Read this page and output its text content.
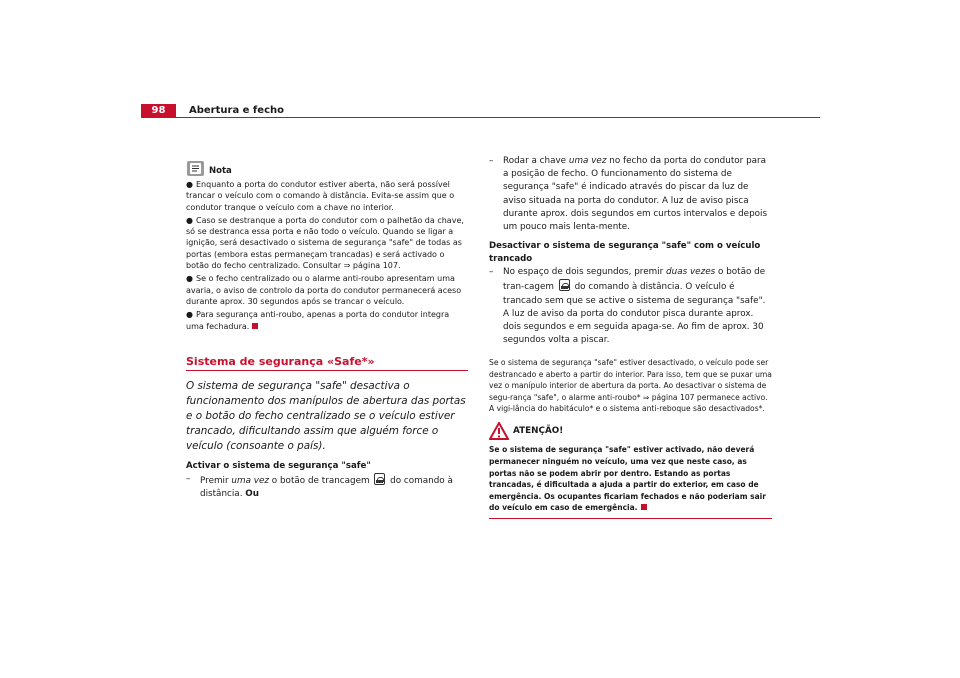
98	Abertura e fecho
Nota
● Enquanto a porta do condutor estiver aberta, não será possível trancar o veículo com o comando à distância. Evita-se assim que o condutor tranque o veículo com a chave no interior.
● Caso se destranque a porta do condutor com o palhetão da chave, só se destranca essa porta e não todo o veículo. Quando se ligar a ignição, será desactivado o sistema de segurança "safe" de todas as portas (embora estas permaneçam trancadas) e será activado o botão do fecho centralizado. Consultar ⇒ página 107.
● Se o fecho centralizado ou o alarme anti-roubo apresentam uma avaria, o aviso de controlo da porta do condutor permanecerá aceso durante aprox. 30 segundos após se trancar o veículo.
● Para segurança anti-roubo, apenas a porta do condutor integra uma fechadura.
Sistema de segurança «Safe*»
O sistema de segurança "safe" desactiva o funcionamento dos manípulos de abertura das portas e o botão do fecho centralizado se o veículo estiver trancado, dificultando assim que alguém force o veículo (consoante o país).
Activar o sistema de segurança "safe"
– Premir uma vez o botão de trancagem  do comando à distância. Ou
– Rodar a chave uma vez no fecho da porta do condutor para a posição de fecho. O funcionamento do sistema de segurança "safe" é indicado através do piscar da luz de aviso situada na porta do condutor. A luz de aviso pisca durante aprox. dois segundos em curtos intervalos e depois um pouco mais lenta-mente.
Desactivar o sistema de segurança "safe" com o veículo trancado
– No espaço de dois segundos, premir duas vezes o botão de tran-cagem  do comando à distância. O veículo é trancado sem que se active o sistema de segurança "safe". A luz de aviso da porta do condutor pisca durante aprox. dois segundos e em seguida apaga-se. Ao fim de aprox. 30 segundos volta a piscar.
Se o sistema de segurança "safe" estiver desactivado, o veículo pode ser destrancado e aberto a partir do interior. Para isso, tem que se puxar uma vez o manípulo interior de abertura da porta. Ao desactivar o sistema de segu-rança "safe", o alarme anti-roubo* ⇒ página 107 permanece activo. A vigi-lância do habitáculo* e o sistema anti-reboque são desactivados*.
ATENÇÃO!
Se o sistema de segurança "safe" estiver activado, não deverá permanecer ninguém no veículo, uma vez que neste caso, as portas não se podem abrir por dentro. Estando as portas trancadas, é dificultada a ajuda a partir do exterior, em caso de emergência. Os ocupantes ficariam fechados e não poderiam sair do veículo em caso de emergência.
